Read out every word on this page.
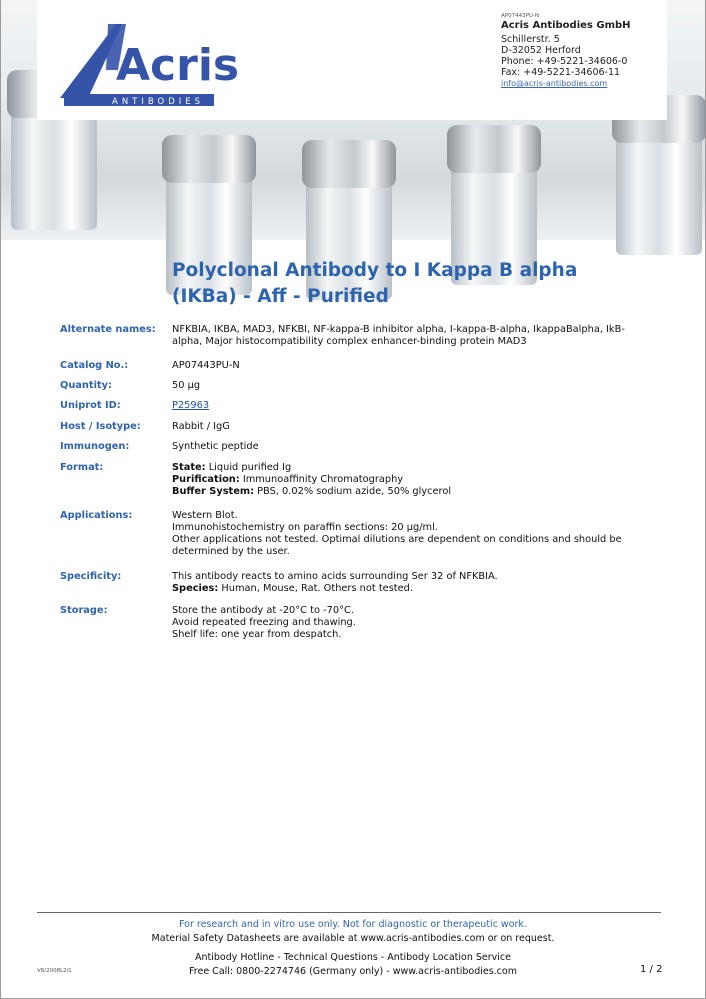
Acris
ANTIBODIES
AP07443PU-N
Acris Antibodies GmbH
Schillerstr. 5
D-32052 Herford
Phone: +49-5221-34606-0
Fax: +49-5221-34606-11
info@acris-antibodies.com
Polyclonal Antibody to I Kappa B alpha
(IKBa) - Aff - Purified
Alternate names:	NFKBIA, IKBA, MAD3, NFKBI, NF-kappa-B inhibitor alpha, I-kappa-B-alpha, IkappaBalpha, IkB-
alpha, Major histocompatibility complex enhancer-binding protein MAD3
Catalog No.:	AP07443PU-N
Quantity:	50 µg
Uniprot ID:	P25963
Host / Isotype:	Rabbit / IgG
Immunogen:	Synthetic peptide
Format:	State: Liquid purified Ig
Purification: Immunoaffinity Chromatography
Buffer System: PBS, 0.02% sodium azide, 50% glycerol
Applications:	Western Blot.
Immunohistochemistry on paraffin sections: 20 µg/ml.
Other applications not tested. Optimal dilutions are dependent on conditions and should be
determined by the user.
Specificity:	This antibody reacts to amino acids surrounding Ser 32 of NFKBIA.
Species: Human, Mouse, Rat. Others not tested.
Storage:	Store the antibody at -20°C to -70°C.
Avoid repeated freezing and thawing.
Shelf life: one year from despatch.
For research and in vitro use only. Not for diagnostic or therapeutic work.
Material Safety Datasheets are available at www.acris-antibodies.com or on request.
Antibody Hotline - Technical Questions - Antibody Location Service
Free Call: 0800-2274746 (Germany only) - www.acris-antibodies.com
V6/2008L2i1	1 / 2
